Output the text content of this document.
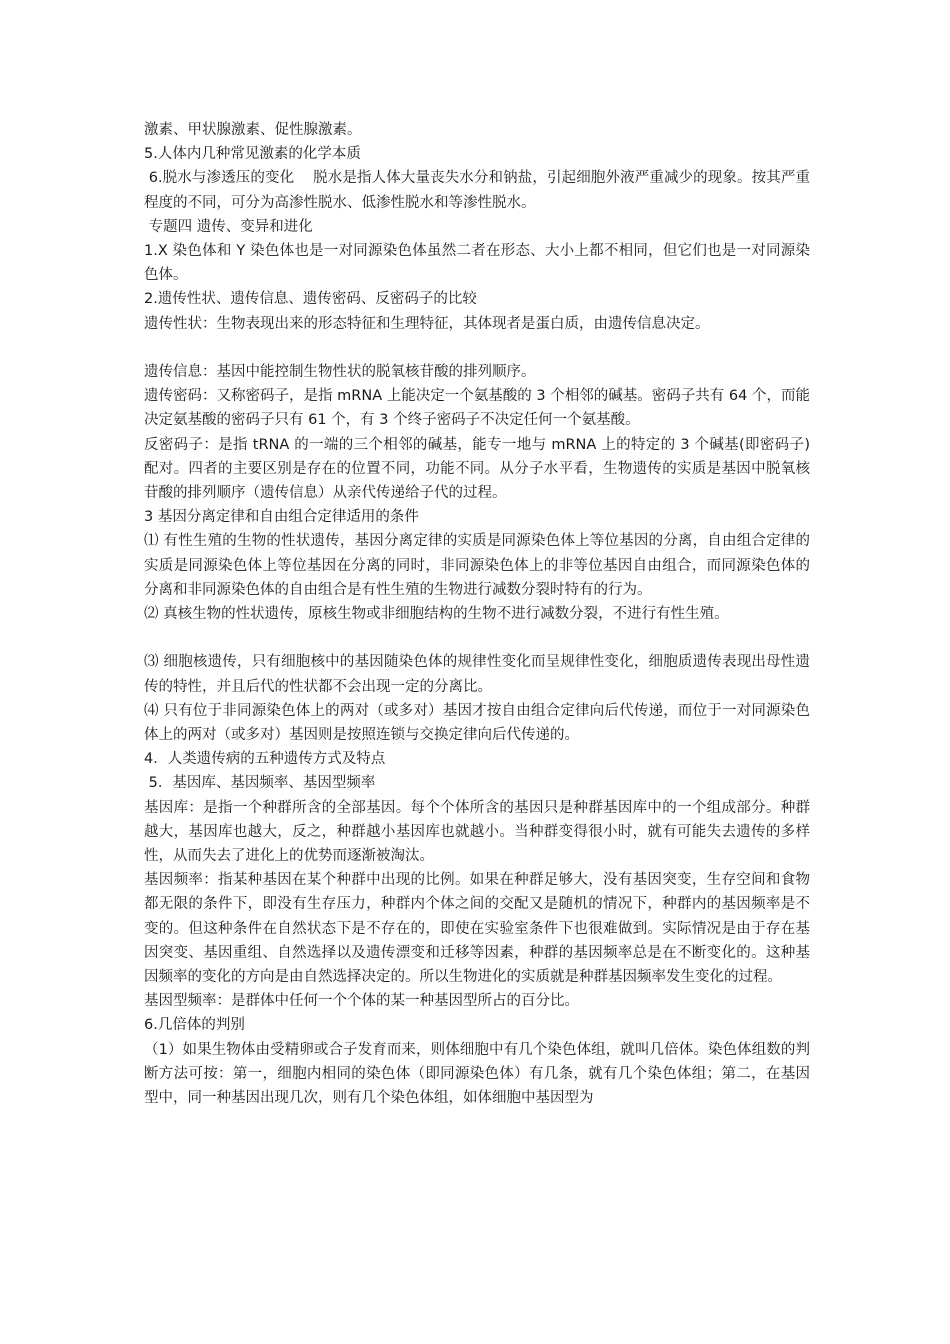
激素、甲状腺激素、促性腺激素。

5.人体内几种常见激素的化学本质

6.脱水与渗透压的变化    脱水是指人体大量丧失水分和钠盐，引起细胞外液严重减少的现象。按其严重程度的不同，可分为高渗性脱水、低渗性脱水和等渗性脱水。

专题四 遗传、变异和进化

1.X 染色体和 Y 染色体也是一对同源染色体虽然二者在形态、大小上都不相同，但它们也是一对同源染色体。

2.遗传性状、遗传信息、遗传密码、反密码子的比较

遗传性状：生物表现出来的形态特征和生理特征，其体现者是蛋白质，由遗传信息决定。

遗传信息：基因中能控制生物性状的脱氧核苷酸的排列顺序。

遗传密码：又称密码子，是指 mRNA 上能决定一个氨基酸的 3 个相邻的碱基。密码子共有 64 个，而能决定氨基酸的密码子只有 61 个，有 3 个终子密码子不决定任何一个氨基酸。

反密码子：是指 tRNA 的一端的三个相邻的碱基，能专一地与 mRNA 上的特定的 3 个碱基(即密码子)配对。四者的主要区别是存在的位置不同，功能不同。从分子水平看，生物遗传的实质是基因中脱氧核苷酸的排列顺序（遗传信息）从亲代传递给子代的过程。

3 基因分离定律和自由组合定律适用的条件

⑴ 有性生殖的生物的性状遗传，基因分离定律的实质是同源染色体上等位基因的分离，自由组合定律的实质是同源染色体上等位基因在分离的同时，非同源染色体上的非等位基因自由组合，而同源染色体的分离和非同源染色体的自由组合是有性生殖的生物进行减数分裂时特有的行为。

⑵ 真核生物的性状遗传，原核生物或非细胞结构的生物不进行减数分裂，不进行有性生殖。

⑶ 细胞核遗传，只有细胞核中的基因随染色体的规律性变化而呈规律性变化，细胞质遗传表现出母性遗传的特性，并且后代的性状都不会出现一定的分离比。

⑷ 只有位于非同源染色体上的两对（或多对）基因才按自由组合定律向后代传递，而位于一对同源染色体上的两对（或多对）基因则是按照连锁与交换定律向后代传递的。

4．人类遗传病的五种遗传方式及特点

5．基因库、基因频率、基因型频率

基因库：是指一个种群所含的全部基因。每个个体所含的基因只是种群基因库中的一个组成部分。种群越大，基因库也越大，反之，种群越小基因库也就越小。当种群变得很小时，就有可能失去遗传的多样性，从而失去了进化上的优势而逐渐被淘汰。

基因频率：指某种基因在某个种群中出现的比例。如果在种群足够大，没有基因突变，生存空间和食物都无限的条件下，即没有生存压力，种群内个体之间的交配又是随机的情况下，种群内的基因频率是不变的。但这种条件在自然状态下是不存在的，即使在实验室条件下也很难做到。实际情况是由于存在基因突变、基因重组、自然选择以及遗传漂变和迁移等因素，种群的基因频率总是在不断变化的。这种基因频率的变化的方向是由自然选择决定的。所以生物进化的实质就是种群基因频率发生变化的过程。

基因型频率：是群体中任何一个个体的某一种基因型所占的百分比。

6.几倍体的判别

（1）如果生物体由受精卵或合子发育而来，则体细胞中有几个染色体组，就叫几倍体。染色体组数的判断方法可按：第一，细胞内相同的染色体（即同源染色体）有几条，就有几个染色体组；第二，在基因型中，同一种基因出现几次，则有几个染色体组，如体细胞中基因型为
